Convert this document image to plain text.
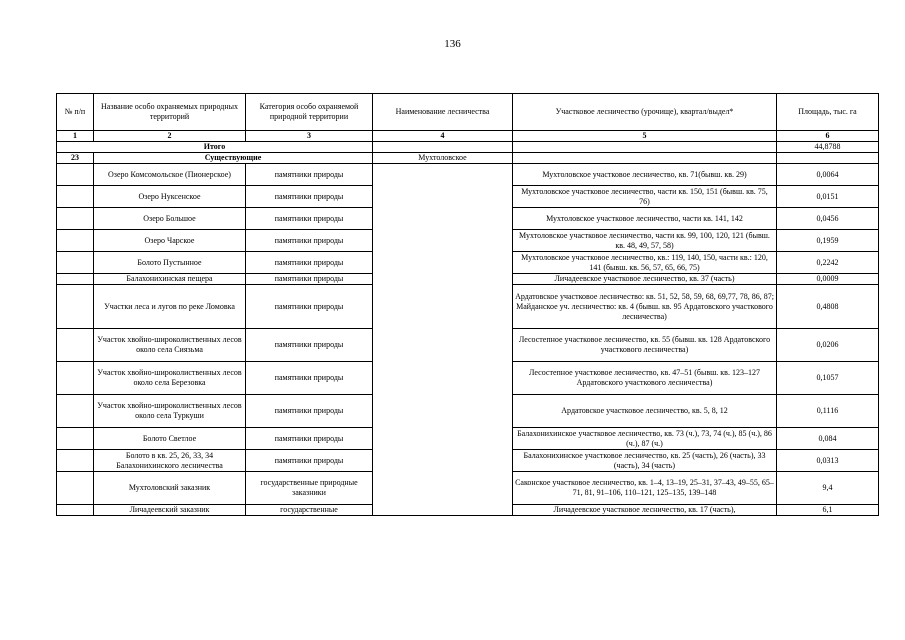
136
№ п/п	Название особо охраняемых природных территорий	Категория особо охраняемой природной территории	Наименование лесничества	Участковое лесничество (урочище), квартал/выдел*	Площадь, тыс. га
1	2	3	4	5	6
Итого					44,8788
23	Существующие		Мухтоловское		
	Озеро Комсомольское (Пионерское)	памятники природы		Мухтоловское участковое лесничество, кв. 71(бывш. кв. 29)	0,0064
	Озеро Нуксенское	памятники природы		Мухтоловское участковое лесничество, части кв. 150, 151 (бывш. кв. 75, 76)	0,0151
	Озеро Большое	памятники природы		Мухтоловское участковое лесничество, части кв. 141, 142	0,0456
	Озеро Чарское	памятники природы		Мухтоловское участковое лесничество, части кв. 99, 100, 120, 121 (бывш. кв. 48, 49, 57, 58)	0,1959
	Болото Пустынное	памятники природы		Мухтоловское участковое лесничество, кв.: 119, 140, 150, части кв.: 120, 141 (бывш. кв. 56, 57, 65, 66, 75)	0,2242
	Балахонихинская пещера	памятники природы		Личадеевское участковое лесничество, кв. 37 (часть)	0,0009
	Участки леса и лугов по реке Ломовка	памятники природы		Ардатовское участковое лесничество: кв. 51, 52, 58, 59, 68, 69,77, 78, 86, 87; Майданское уч. лесничество: кв. 4 (бывш. кв. 95 Ардатовского участкового лесничества)	0,4808
	Участок хвойно-широколиственных лесов около села Сиязьма	памятники природы		Лесостепное участковое лесничество, кв. 55 (бывш. кв. 128 Ардатовского участкового лесничества)	0,0206
	Участок хвойно-широколиственных лесов около села Березовка	памятники природы		Лесостепное участковое лесничество, кв. 47–51 (бывш. кв. 123–127 Ардатовского участкового лесничества)	0,1057
	Участок хвойно-широколиственных лесов около села Туркуши	памятники природы		Ардатовское участковое лесничество, кв. 5, 8, 12	0,1116
	Болото Светлое	памятники природы		Балахонихинское участковое лесничество, кв. 73 (ч.), 73, 74 (ч.), 85 (ч.), 86 (ч.), 87 (ч.)	0,084
	Болото в кв. 25, 26, 33, 34 Балахонихинского лесничества	памятники природы		Балахонихинское участковое лесничество, кв. 25 (часть), 26 (часть), 33 (часть), 34 (часть)	0,0313
	Мухтоловский заказник	государственные природные заказники		Саконское участковое лесничество, кв. 1–4, 13–19, 25–31, 37–43, 49–55, 65–71, 81, 91–106, 110–121, 125–135, 139–148	9,4
	Личадеевский заказник	государственные		Личадеевское участковое лесничество, кв. 17 (часть),	6,1
